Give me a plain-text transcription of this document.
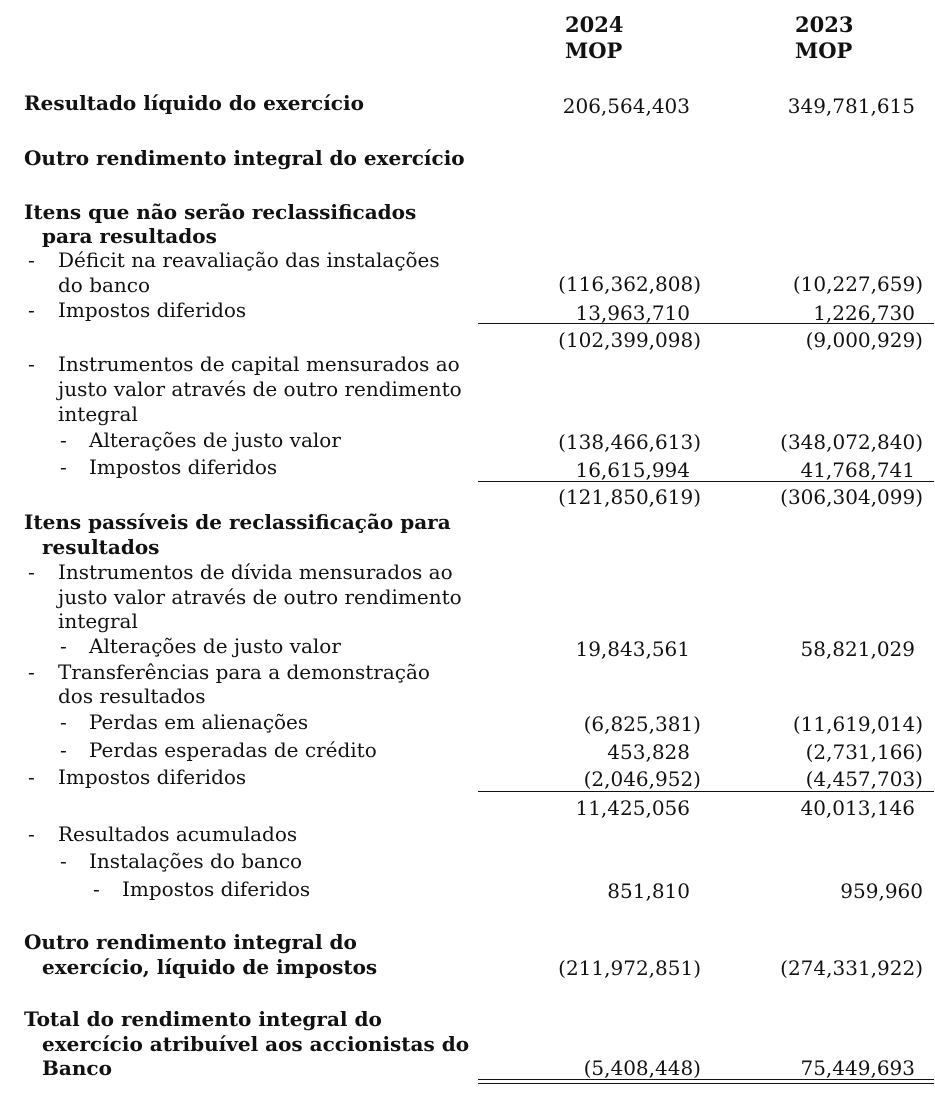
2024
MOP
2023
MOP
Resultado líquido do exercício	206,564,403	349,781,615
Outro rendimento integral do exercício
Itens que não serão reclassificados
para resultados
- Déficit na reavaliação das instalações
do banco	(116,362,808)	(10,227,659)
- Impostos diferidos	13,963,710	1,226,730
(102,399,098)	(9,000,929)
- Instrumentos de capital mensurados ao
justo valor através de outro rendimento
integral
- Alterações de justo valor	(138,466,613)	(348,072,840)
- Impostos diferidos	16,615,994	41,768,741
(121,850,619)	(306,304,099)
Itens passíveis de reclassificação para
resultados
- Instrumentos de dívida mensurados ao
justo valor através de outro rendimento
integral
- Alterações de justo valor	19,843,561	58,821,029
- Transferências para a demonstração
dos resultados
- Perdas em alienações	(6,825,381)	(11,619,014)
- Perdas esperadas de crédito	453,828	(2,731,166)
- Impostos diferidos	(2,046,952)	(4,457,703)
11,425,056	40,013,146
- Resultados acumulados
- Instalações do banco
- Impostos diferidos	851,810	959,960
Outro rendimento integral do
exercício, líquido de impostos	(211,972,851)	(274,331,922)
Total do rendimento integral do
exercício atribuível aos accionistas do
Banco	(5,408,448)	75,449,693
